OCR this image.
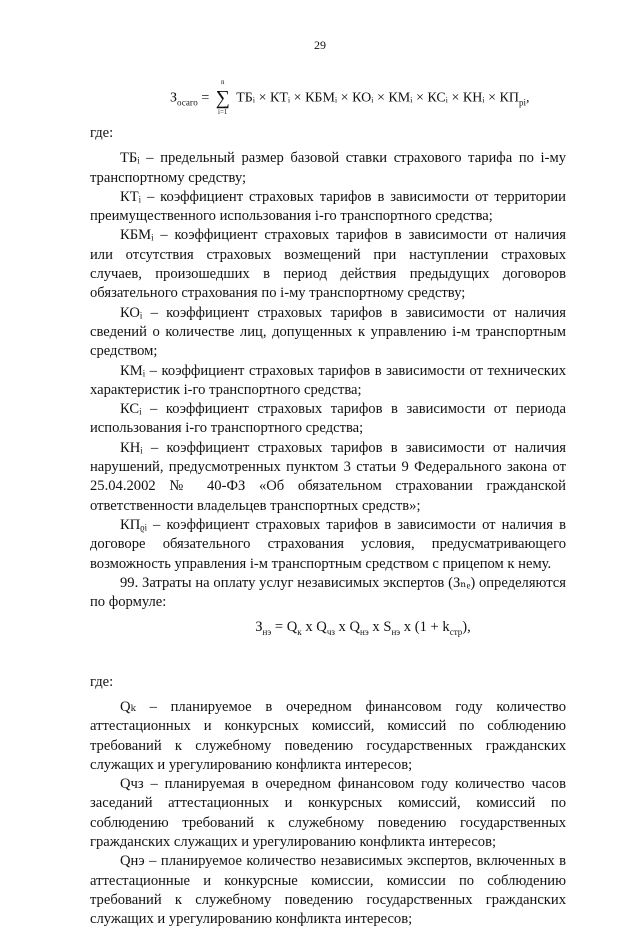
29
$З_{осаго}$ =
n
∑
i=1
ТБᵢ × КТᵢ × КБМᵢ × КОᵢ × КМᵢ × КСᵢ × КНᵢ × $КП_{pi}$,

где:

ТБᵢ – предельный размер базовой ставки страхового тарифа по i-му транспортному средству;

КТᵢ – коэффициент страховых тарифов в зависимости от территории преимущественного использования i-го транспортного средства;

КБМᵢ – коэффициент страховых тарифов в зависимости от наличия или отсутствия страховых возмещений при наступлении страховых случаев, произошедших в период действия предыдущих договоров обязательного страхования по i-му транспортному средству;

КОᵢ – коэффициент страховых тарифов в зависимости от наличия сведений о количестве лиц, допущенных к управлению i-м транспортным средством;

КМᵢ – коэффициент страховых тарифов в зависимости от технических характеристик i-го транспортного средства;

КСᵢ – коэффициент страховых тарифов в зависимости от периода использования i-го транспортного средства;

КНᵢ – коэффициент страховых тарифов в зависимости от наличия нарушений, предусмотренных пунктом 3 статьи 9 Федерального закона от 25.04.2002 № 40-ФЗ «Об обязательном страховании гражданской ответственности владельцев транспортных средств»;

КПᵨᵢ – коэффициент страховых тарифов в зависимости от наличия в договоре обязательного страхования условия, предусматривающего возможность управления i-м транспортным средством с прицепом к нему.

99. Затраты на оплату услуг независимых экспертов (Зₙₑ) определяются по формуле:

$З_{нэ} = Q_к$ х $Q_{чз}$ х $Q_{нэ}$ х $S_{нэ}$ х $(1 + k_{стр})$,

где:

Qₖ – планируемое в очередном финансовом году количество аттестационных и конкурсных комиссий, комиссий по соблюдению требований к служебному поведению государственных гражданских служащих и урегулированию конфликта интересов;

Qчз – планируемая в очередном финансовом году количество часов заседаний аттестационных и конкурсных комиссий, комиссий по соблюдению требований к служебному поведению государственных гражданских служащих и урегулированию конфликта интересов;

Qнэ – планируемое количество независимых экспертов, включенных в аттестационные и конкурсные комиссии, комиссии по соблюдению требований к служебному поведению государственных гражданских служащих и урегулированию конфликта интересов;
